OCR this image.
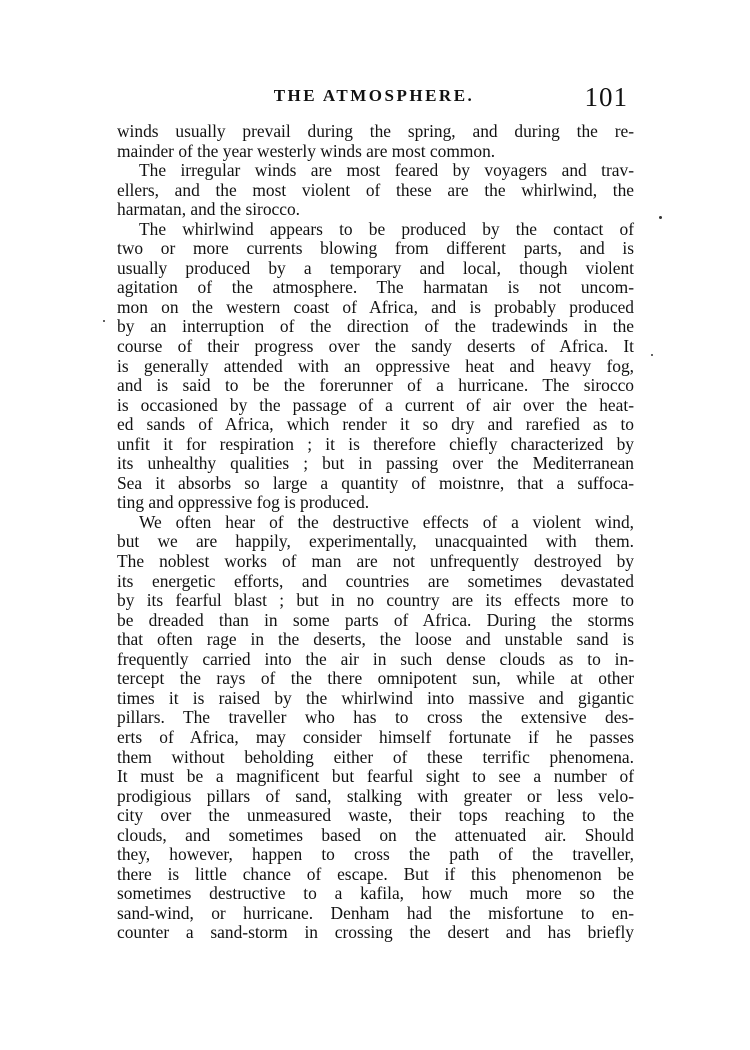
THE ATMOSPHERE.	101
winds usually prevail during the spring, and during the re-
mainder of the year westerly winds are most common.
The irregular winds are most feared by voyagers and trav-
ellers, and the most violent of these are the whirlwind, the
harmatan, and the sirocco.
The whirlwind appears to be produced by the contact of
two or more currents blowing from different parts, and is
usually produced by a temporary and local, though violent
agitation of the atmosphere. The harmatan is not uncom-
mon on the western coast of Africa, and is probably produced
by an interruption of the direction of the tradewinds in the
course of their progress over the sandy deserts of Africa. It
is generally attended with an oppressive heat and heavy fog,
and is said to be the forerunner of a hurricane. The sirocco
is occasioned by the passage of a current of air over the heat-
ed sands of Africa, which render it so dry and rarefied as to
unfit it for respiration ; it is therefore chiefly characterized by
its unhealthy qualities ; but in passing over the Mediterranean
Sea it absorbs so large a quantity of moistnre, that a suffoca-
ting and oppressive fog is produced.
We often hear of the destructive effects of a violent wind,
but we are happily, experimentally, unacquainted with them.
The noblest works of man are not unfrequently destroyed by
its energetic efforts, and countries are sometimes devastated
by its fearful blast ; but in no country are its effects more to
be dreaded than in some parts of Africa. During the storms
that often rage in the deserts, the loose and unstable sand is
frequently carried into the air in such dense clouds as to in-
tercept the rays of the there omnipotent sun, while at other
times it is raised by the whirlwind into massive and gigantic
pillars. The traveller who has to cross the extensive des-
erts of Africa, may consider himself fortunate if he passes
them without beholding either of these terrific phenomena.
It must be a magnificent but fearful sight to see a number of
prodigious pillars of sand, stalking with greater or less velo-
city over the unmeasured waste, their tops reaching to the
clouds, and sometimes based on the attenuated air. Should
they, however, happen to cross the path of the traveller,
there is little chance of escape. But if this phenomenon be
sometimes destructive to a kafila, how much more so the
sand-wind, or hurricane. Denham had the misfortune to en-
counter a sand-storm in crossing the desert and has briefly
